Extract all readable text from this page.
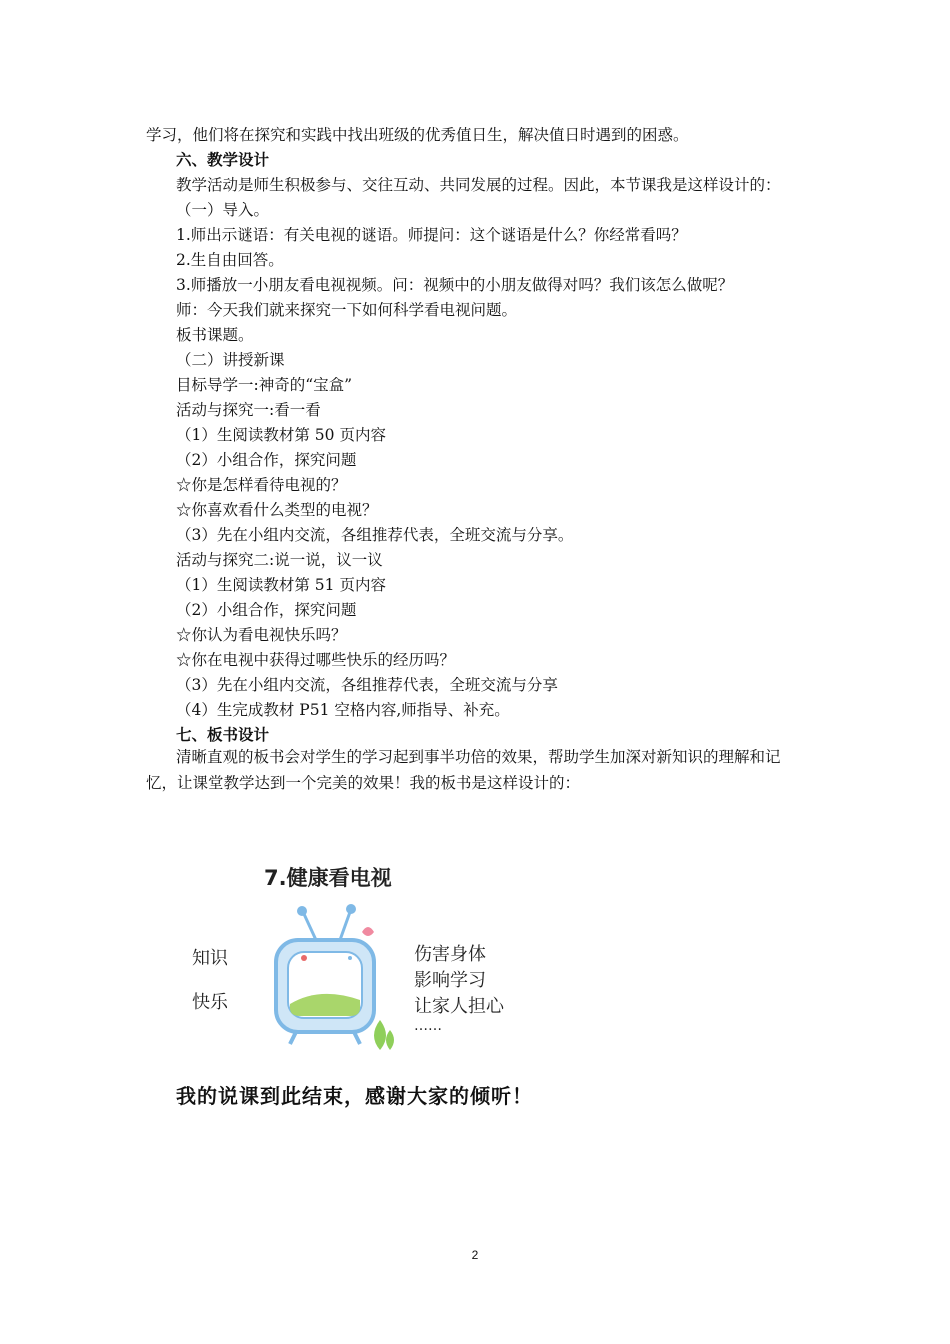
学习，他们将在探究和实践中找出班级的优秀值日生，解决值日时遇到的困惑。
六、教学设计
教学活动是师生积极参与、交往互动、共同发展的过程。因此，本节课我是这样设计的：
（一）导入。
1.师出示谜语：有关电视的谜语。师提问：这个谜语是什么？你经常看吗？
2.生自由回答。
3.师播放一小朋友看电视视频。问：视频中的小朋友做得对吗？我们该怎么做呢？
师：今天我们就来探究一下如何科学看电视问题。
板书课题。
（二）讲授新课
目标导学一:神奇的“宝盒”
活动与探究一:看一看
（1）生阅读教材第 50 页内容
（2）小组合作，探究问题
☆你是怎样看待电视的？
☆你喜欢看什么类型的电视？
（3）先在小组内交流，各组推荐代表，全班交流与分享。
活动与探究二:说一说，议一议
（1）生阅读教材第 51 页内容
（2）小组合作，探究问题
☆你认为看电视快乐吗？
☆你在电视中获得过哪些快乐的经历吗？
（3）先在小组内交流，各组推荐代表，全班交流与分享
（4）生完成教材 P51 空格内容,师指导、补充。
七、板书设计
清晰直观的板书会对学生的学习起到事半功倍的效果，帮助学生加深对新知识的理解和记忆，让课堂教学达到一个完美的效果！我的板书是这样设计的：
7.健康看电视
知识
快乐
伤害身体
影响学习
让家人担心
……
我的说课到此结束，感谢大家的倾听！
2
